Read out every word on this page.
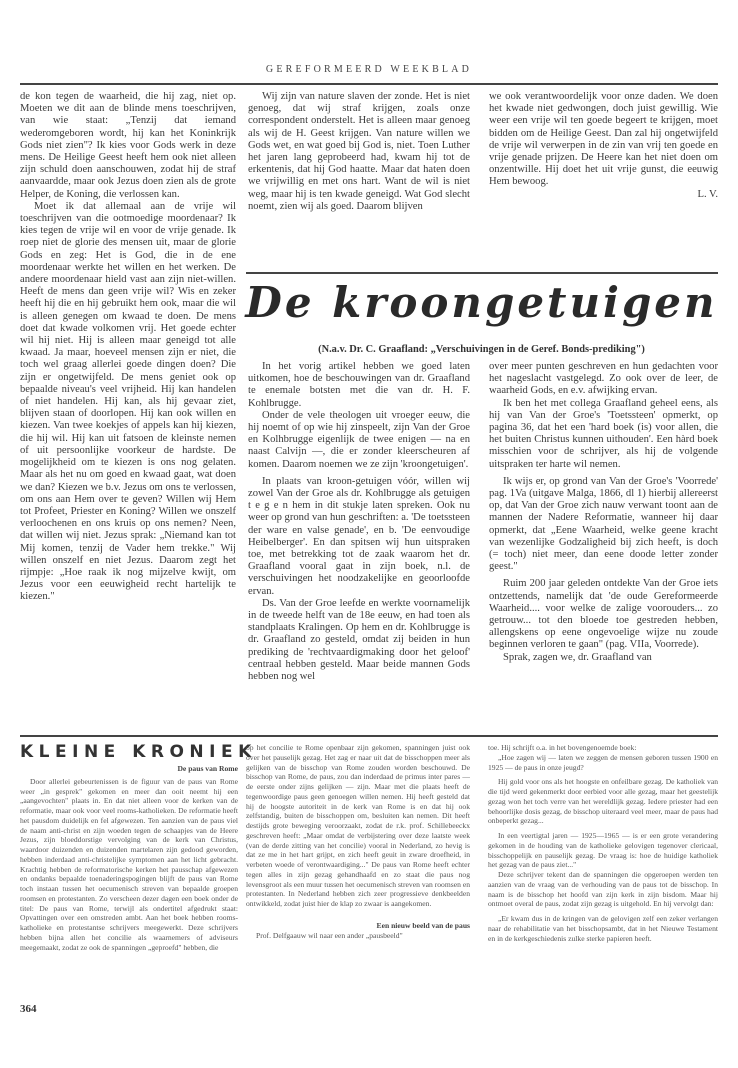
GEREFORMEERD WEEKBLAD

de kon tegen de waarheid, die hij zag, niet op. Moeten we dit aan de blinde mens toeschrijven, van wie staat: „Tenzij dat iemand wederomgeboren wordt, hij kan het Koninkrijk Gods niet zien"? Ik kies voor Gods werk in deze mens. De Heilige Geest heeft hem ook niet alleen zijn schuld doen aanschouwen, zodat hij de straf aanvaardde, maar ook Jezus doen zien als de grote Helper, de Koning, die verlossen kan.

Moet ik dat allemaal aan de vrije wil toeschrijven van die ootmoedige moordenaar? Ik kies tegen de vrije wil en voor de vrije genade. Ik roep niet de glorie des mensen uit, maar de glorie Gods en zeg: Het is God, die in de ene moordenaar werkte het willen en het werken. De andere moordenaar hield vast aan zijn niet-willen. Heeft de mens dan geen vrije wil? Wis en zeker heeft hij die en hij gebruikt hem ook, maar die wil is alleen genegen om kwaad te doen. De mens doet dat kwade volkomen vrij. Het goede echter wil hij niet. Hij is alleen maar geneigd tot alle kwaad. Ja maar, hoeveel mensen zijn er niet, die toch wel graag allerlei goede dingen doen? Die zijn er ongetwijfeld. De mens geniet ook op bepaalde niveau's veel vrijheid. Hij kan handelen of niet handelen. Hij kan, als hij gevaar ziet, blijven staan of doorlopen. Hij kan ook willen en kiezen. Van twee koekjes of appels kan hij kiezen, die hij wil. Hij kan uit fatsoen de kleinste nemen of uit persoonlijke voorkeur de hardste. De mogelijkheid om te kiezen is ons nog gelaten. Maar als het nu om goed en kwaad gaat, wat doen we dan? Kiezen we b.v. Jezus om ons te verlossen, om ons aan Hem over te geven? Willen wij Hem tot Profeet, Priester en Koning? Willen we onszelf verloochenen en ons kruis op ons nemen? Neen, dat willen wij niet. Jezus sprak: „Niemand kan tot Mij komen, tenzij de Vader hem trekke." Wij willen onszelf en niet Jezus. Daarom zegt het rijmpje: „Hoe raak ik nog mijzelve kwijt, om Jezus voor een eeuwigheid recht hartelijk te kiezen."

Wij zijn van nature slaven der zonde. Het is niet genoeg, dat wij straf krijgen, zoals onze correspondent onderstelt. Het is alleen maar genoeg als wij de H. Geest krijgen. Van nature willen we Gods wet, en wat goed bij God is, niet. Toen Luther het jaren lang geprobeerd had, kwam hij tot de erkentenis, dat hij God haatte. Maar dat haten doen we vrijwillig en met ons hart. Want de wil is niet weg, maar hij is ten kwade geneigd. Wat God slecht noemt, zien wij als goed. Daarom blijven

we ook verantwoordelijk voor onze daden. We doen het kwade niet gedwongen, doch juist gewillig. Wie weer een vrije wil ten goede begeert te krijgen, moet bidden om de Heilige Geest. Dan zal hij ongetwijfeld de vrije wil verwerpen in de zin van vrij ten goede en vrije genade prijzen. De Heere kan het niet doen om onzentwille. Hij doet het uit vrije gunst, die eeuwig Hem bewoog.

L. V.

De kroongetuigen
(N.a.v. Dr. C. Graafland: „Verschuivingen in de Geref. Bonds-prediking")

In het vorig artikel hebben we goed laten uitkomen, hoe de beschouwingen van dr. Graafland te enemale botsten met die van dr. H. F. Kohlbrugge.

Onder de vele theologen uit vroeger eeuw, die hij noemt of op wie hij zinspeelt, zijn Van der Groe en Kolhbrugge eigenlijk de twee enigen — na en naast Calvijn —, die er zonder kleerscheuren af komen. Daarom noemen we ze zijn 'kroongetuigen'.

In plaats van kroon-getuigen vóór, willen wij zowel Van der Groe als dr. Kohlbrugge als getuigen t e g e n hem in dit stukje laten spreken. Ook nu weer op grond van hun geschriften: a. 'De toetssteen der ware en valse genade', en b. 'De eenvoudige Heibelberger'. En dan spitsen wij hun uitspraken toe, met betrekking tot de zaak waarom het dr. Graafland vooral gaat in zijn boek, n.l. de verschuivingen het noodzakelijke en geoorloofde ervan.

Ds. Van der Groe leefde en werkte voornamelijk in de tweede helft van de 18e eeuw, en had toen als standplaats Kralingen. Op hem en dr. Kohlbrugge is dr. Graafland zo gesteld, omdat zij beiden in hun prediking de 'rechtvaardigmaking door het geloof' centraal hebben gesteld. Maar beide mannen Gods hebben nog wel

over meer punten geschreven en hun gedachten voor het nageslacht vastgelegd. Zo ook over de leer, de waarheid Gods, en e.v. afwijking ervan.

Ik ben het met collega Graafland geheel eens, als hij van Van der Groe's 'Toetssteen' opmerkt, op pagina 36, dat het een 'hard boek (is) voor allen, die het buiten Christus kunnen uithouden'. Een hàrd boek misschien voor de schrijver, als hij de volgende uitspraken ter harte wil nemen.

Ik wijs er, op grond van Van der Groe's 'Voorrede' pag. 1Va (uitgave Malga, 1866, dl 1) hierbij allereerst op, dat Van der Groe zich nauw verwant toont aan de mannen der Nadere Reformatie, wanneer hij daar opmerkt, dat „Eene Waarheid, welke geene kracht van wezenlijke Godzaligheid bij zich heeft, is doch (= toch) niet meer, dan eene doode letter zonder geest."

Ruim 200 jaar geleden ontdekte Van der Groe iets ontzettends, namelijk dat 'de oude Gereformeerde Waarheid.... voor welke de zalige voorouders... zo getrouw... tot den bloede toe gestreden hebben, allengskens op eene ongevoelige wijze nu zoude beginnen verloren te gaan" (pag. VIIa, Voorrede).

Sprak, zagen we, dr. Graafland van

KLEINE KRONIEK

De paus van Rome

Door allerlei gebeurtenissen is de figuur van de paus van Rome weer „in gesprek" gekomen en meer dan ooit neemt hij een „aangevochten" plaats in. En dat niet alleen voor de kerken van de reformatie, maar ook voor veel rooms-katholieken. De reformatie heeft het pausdom duidelijk en fel afgewezen. Ten aanzien van de paus viel de naam anti-christ en zijn woeden tegen de schaapjes van de Heere Jezus, zijn bloeddorstige vervolging van de kerk van Christus, waardoor duizenden en duizenden martelaren zijn gedood geworden, hebben inderdaad anti-christelijke symptomen aan het licht gebracht. Krachtig hebben de reformatorische kerken het pausschap afgewezen en ondanks bepaalde toenaderingspogingen blijft de paus van Rome toch instaan tussen het oecumenisch streven van bepaalde groepen roomsen en protestanten. Zo verscheen dezer dagen een boek onder de titel: De paus van Rome, terwijl als ondertitel afgedrukt staat: Opvattingen over een omstreden ambt. Aan het boek hebben rooms-katholieke en protestantse schrijvers meegewerkt. Deze schrijvers hebben bijna allen het concilie als waarnemers of adviseurs meegemaakt, zodat ze ook de spanningen „geproefd" hebben, die

op het concilie te Rome openbaar zijn gekomen, spanningen juist ook over het pauselijk gezag. Het zag er naar uit dat de bisschoppen meer als gelijken van de bisschop van Rome zouden worden beschouwd. De bisschop van Rome, de paus, zou dan inderdaad de primus inter pares — de eerste onder zijns gelijken — zijn. Maar met die plaats heeft de tegenwoordige paus geen genoegen willen nemen. Hij heeft gesteld dat hij de hoogste autoriteit in de kerk van Rome is en dat hij ook zelfstandig, buiten de bisschoppen om, besluiten kan nemen. Dit heeft destijds grote beweging veroorzaakt, zodat de r.k. prof. Schillebeeckx geschreven heeft: „Maar omdat de verbijstering over deze laatste week (van de derde zitting van het concilie) vooral in Nederland, zo hevig is dat ze me in het hart grijpt, en zich heeft geuit in zware droefheid, in verbeten woede of verontwaardiging..." De paus van Rome heeft echter tegen alles in zijn gezag gehandhaafd en zo staat die paus nog levensgroot als een muur tussen het oecumenisch streven van roomsen en protestanten. In Nederland hebben zich zeer progressieve denkbeelden ontwikkeld, zodat juist hier de klap zo zwaar is aangekomen.

Een nieuw beeld van de paus

Prof. Delfgaauw wil naar een ander „pausbeeld"

toe. Hij schrijft o.a. in het bovengenoemde boek:

„Hoe zagen wij — laten we zeggen de mensen geboren tussen 1900 en 1925 — de paus in onze jeugd?

Hij gold voor ons als het hoogste en onfeilbare gezag. De katholiek van die tijd werd gekenmerkt door eerbied voor alle gezag, maar het geestelijk gezag won het toch verre van het wereldlijk gezag. Iedere priester had een behoorlijke dosis gezag, de bisschop uiteraard veel meer, maar de paus had onbeperkt gezag...

In een veertigtal jaren — 1925—1965 — is er een grote verandering gekomen in de houding van de katholieke gelovigen tegenover clericaal, bisschoppelijk en pauselijk gezag. De vraag is: hoe de huidige katholiek het gezag van de paus ziet..."

Deze schrijver tekent dan de spanningen die opgeroepen werden ten aanzien van de vraag van de verhouding van de paus tot de bisschop. In naam is de bisschop het hoofd van zijn kerk in zijn bisdom. Maar hij ontmoet overal de paus, zodat zijn gezag is uitgehold. En hij vervolgt dan:

„Er kwam dus in de kringen van de gelovigen zelf een zeker verlangen naar de rehabilitatie van het bisschopsambt, dat in het Nieuwe Testament en in de kerkgeschiedenis zulke sterke papieren heeft.

364
